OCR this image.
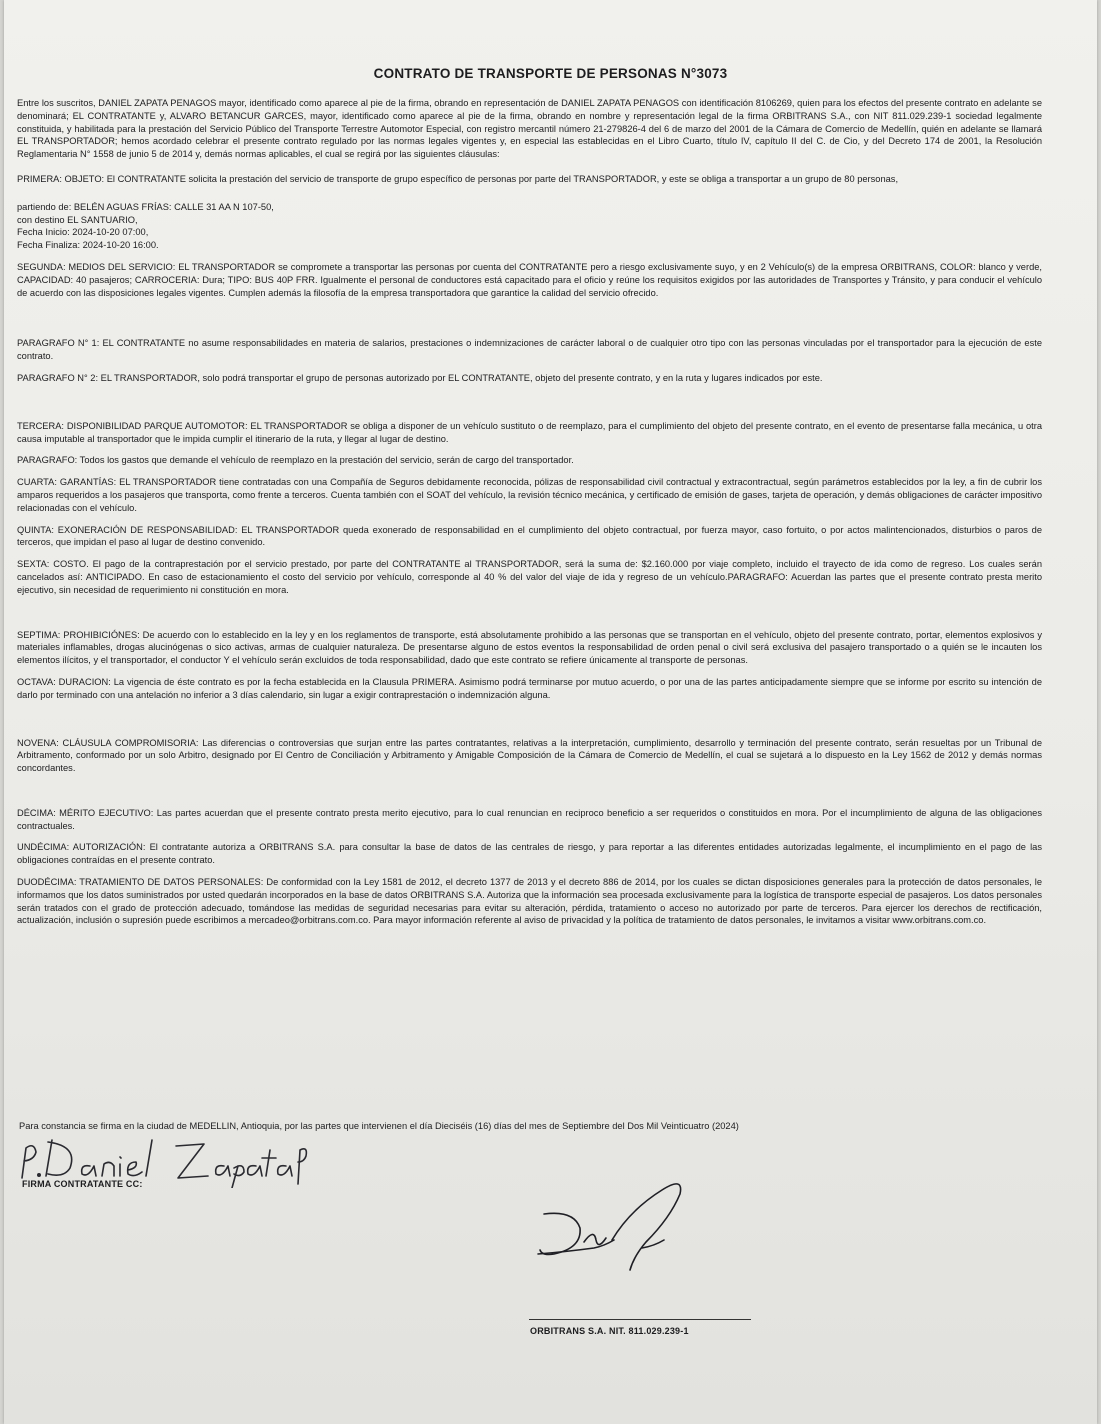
CONTRATO DE TRANSPORTE DE PERSONAS N°3073

Entre los suscritos, DANIEL ZAPATA PENAGOS mayor, identificado como aparece al pie de la firma, obrando en representación de DANIEL ZAPATA PENAGOS con identificación 8106269, quien para los efectos del presente contrato en adelante se denominará; EL CONTRATANTE y, ALVARO BETANCUR GARCES, mayor, identificado como aparece al pie de la firma, obrando en nombre y representación legal de la firma ORBITRANS S.A., con NIT 811.029.239-1 sociedad legalmente constituida, y habilitada para la prestación del Servicio Público del Transporte Terrestre Automotor Especial, con registro mercantil número 21-279826-4 del 6 de marzo del 2001 de la Cámara de Comercio de Medellín, quién en adelante se llamará EL TRANSPORTADOR; hemos acordado celebrar el presente contrato regulado por las normas legales vigentes y, en especial las establecidas en el Libro Cuarto, título IV, capítulo II del C. de Cio, y del Decreto 174 de 2001, la Resolución Reglamentaria N° 1558 de junio 5 de 2014 y, demás normas aplicables, el cual se regirá por las siguientes cláusulas:

PRIMERA: OBJETO: El CONTRATANTE solicita la prestación del servicio de transporte de grupo específico de personas por parte del TRANSPORTADOR, y este se obliga a transportar a un grupo de 80 personas,

partiendo de: BELÉN AGUAS FRÍAS: CALLE 31 AA N 107-50,
con destino EL SANTUARIO,
Fecha Inicio: 2024-10-20 07:00,
Fecha Finaliza: 2024-10-20 16:00.

SEGUNDA: MEDIOS DEL SERVICIO: EL TRANSPORTADOR se compromete a transportar las personas por cuenta del CONTRATANTE pero a riesgo exclusivamente suyo, y en 2 Vehículo(s) de la empresa ORBITRANS, COLOR: blanco y verde, CAPACIDAD: 40 pasajeros; CARROCERIA: Dura; TIPO: BUS 40P FRR. Igualmente el personal de conductores está capacitado para el oficio y reúne los requisitos exigidos por las autoridades de Transportes y Tránsito, y para conducir el vehículo de acuerdo con las disposiciones legales vigentes. Cumplen además la filosofía de la empresa transportadora que garantice la calidad del servicio ofrecido.

PARAGRAFO N° 1: EL CONTRATANTE no asume responsabilidades en materia de salarios, prestaciones o indemnizaciones de carácter laboral o de cualquier otro tipo con las personas vinculadas por el transportador para la ejecución de este contrato.

PARAGRAFO N° 2: EL TRANSPORTADOR, solo podrá transportar el grupo de personas autorizado por EL CONTRATANTE, objeto del presente contrato, y en la ruta y lugares indicados por este.

TERCERA: DISPONIBILIDAD PARQUE AUTOMOTOR: EL TRANSPORTADOR se obliga a disponer de un vehículo sustituto o de reemplazo, para el cumplimiento del objeto del presente contrato, en el evento de presentarse falla mecánica, u otra causa imputable al transportador que le impida cumplir el itinerario de la ruta, y llegar al lugar de destino.

PARAGRAFO: Todos los gastos que demande el vehículo de reemplazo en la prestación del servicio, serán de cargo del transportador.

CUARTA: GARANTÍAS: EL TRANSPORTADOR tiene contratadas con una Compañía de Seguros debidamente reconocida, pólizas de responsabilidad civil contractual y extracontractual, según parámetros establecidos por la ley, a fin de cubrir los amparos requeridos a los pasajeros que transporta, como frente a terceros. Cuenta también con el SOAT del vehículo, la revisión técnico mecánica, y certificado de emisión de gases, tarjeta de operación, y demás obligaciones de carácter impositivo relacionadas con el vehículo.

QUINTA: EXONERACIÓN DE RESPONSABILIDAD: EL TRANSPORTADOR queda exonerado de responsabilidad en el cumplimiento del objeto contractual, por fuerza mayor, caso fortuito, o por actos malintencionados, disturbios o paros de terceros, que impidan el paso al lugar de destino convenido.

SEXTA: COSTO. El pago de la contraprestación por el servicio prestado, por parte del CONTRATANTE al TRANSPORTADOR, será la suma de: $2.160.000 por viaje completo, incluido el trayecto de ida como de regreso. Los cuales serán cancelados así: ANTICIPADO. En caso de estacionamiento el costo del servicio por vehículo, corresponde al 40 % del valor del viaje de ida y regreso de un vehículo.PARAGRAFO: Acuerdan las partes que el presente contrato presta merito ejecutivo, sin necesidad de requerimiento ni constitución en mora.

SEPTIMA: PROHIBICIÓNES: De acuerdo con lo establecido en la ley y en los reglamentos de transporte, está absolutamente prohibido a las personas que se transportan en el vehículo, objeto del presente contrato, portar, elementos explosivos y materiales inflamables, drogas alucinógenas o sico activas, armas de cualquier naturaleza. De presentarse alguno de estos eventos la responsabilidad de orden penal o civil será exclusiva del pasajero transportado o a quién se le incauten los elementos ilícitos, y el transportador, el conductor Y el vehículo serán excluidos de toda responsabilidad, dado que este contrato se refiere únicamente al transporte de personas.

OCTAVA: DURACION: La vigencia de éste contrato es por la fecha establecida en la Clausula PRIMERA. Asimismo podrá terminarse por mutuo acuerdo, o por una de las partes anticipadamente siempre que se informe por escrito su intención de darlo por terminado con una antelación no inferior a 3 días calendario, sin lugar a exigir contraprestación o indemnización alguna.

NOVENA: CLÁUSULA COMPROMISORIA: Las diferencias o controversias que surjan entre las partes contratantes, relativas a la interpretación, cumplimiento, desarrollo y terminación del presente contrato, serán resueltas por un Tribunal de Arbitramento, conformado por un solo Arbitro, designado por El Centro de Conciliación y Arbitramento y Amigable Composición de la Cámara de Comercio de Medellín, el cual se sujetará a lo dispuesto en la Ley 1562 de 2012 y demás normas concordantes.

DÉCIMA: MÉRITO EJECUTIVO: Las partes acuerdan que el presente contrato presta merito ejecutivo, para lo cual renuncian en reciproco beneficio a ser requeridos o constituidos en mora. Por el incumplimiento de alguna de las obligaciones contractuales.

UNDÉCIMA: AUTORIZACIÓN: El contratante autoriza a ORBITRANS S.A. para consultar la base de datos de las centrales de riesgo, y para reportar a las diferentes entidades autorizadas legalmente, el incumplimiento en el pago de las obligaciones contraídas en el presente contrato.

DUODÉCIMA: TRATAMIENTO DE DATOS PERSONALES: De conformidad con la Ley 1581 de 2012, el decreto 1377 de 2013 y el decreto 886 de 2014, por los cuales se dictan disposiciones generales para la protección de datos personales, le informamos que los datos suministrados por usted quedarán incorporados en la base de datos ORBITRANS S.A. Autoriza que la información sea procesada exclusivamente para la logística de transporte especial de pasajeros. Los datos personales serán tratados con el grado de protección adecuado, tomándose las medidas de seguridad necesarias para evitar su alteración, pérdida, tratamiento o acceso no autorizado por parte de terceros. Para ejercer los derechos de rectificación, actualización, inclusión o supresión puede escribimos a mercadeo@orbitrans.com.co. Para mayor información referente al aviso de privacidad y la política de tratamiento de datos personales, le invitamos a visitar www.orbitrans.com.co.

Para constancia se firma en la ciudad de MEDELLIN, Antioquia, por las partes que intervienen el día Dieciséis (16) días del mes de Septiembre del Dos Mil Veinticuatro (2024)
FIRMA CONTRATANTE CC:
ORBITRANS S.A. NIT. 811.029.239-1
